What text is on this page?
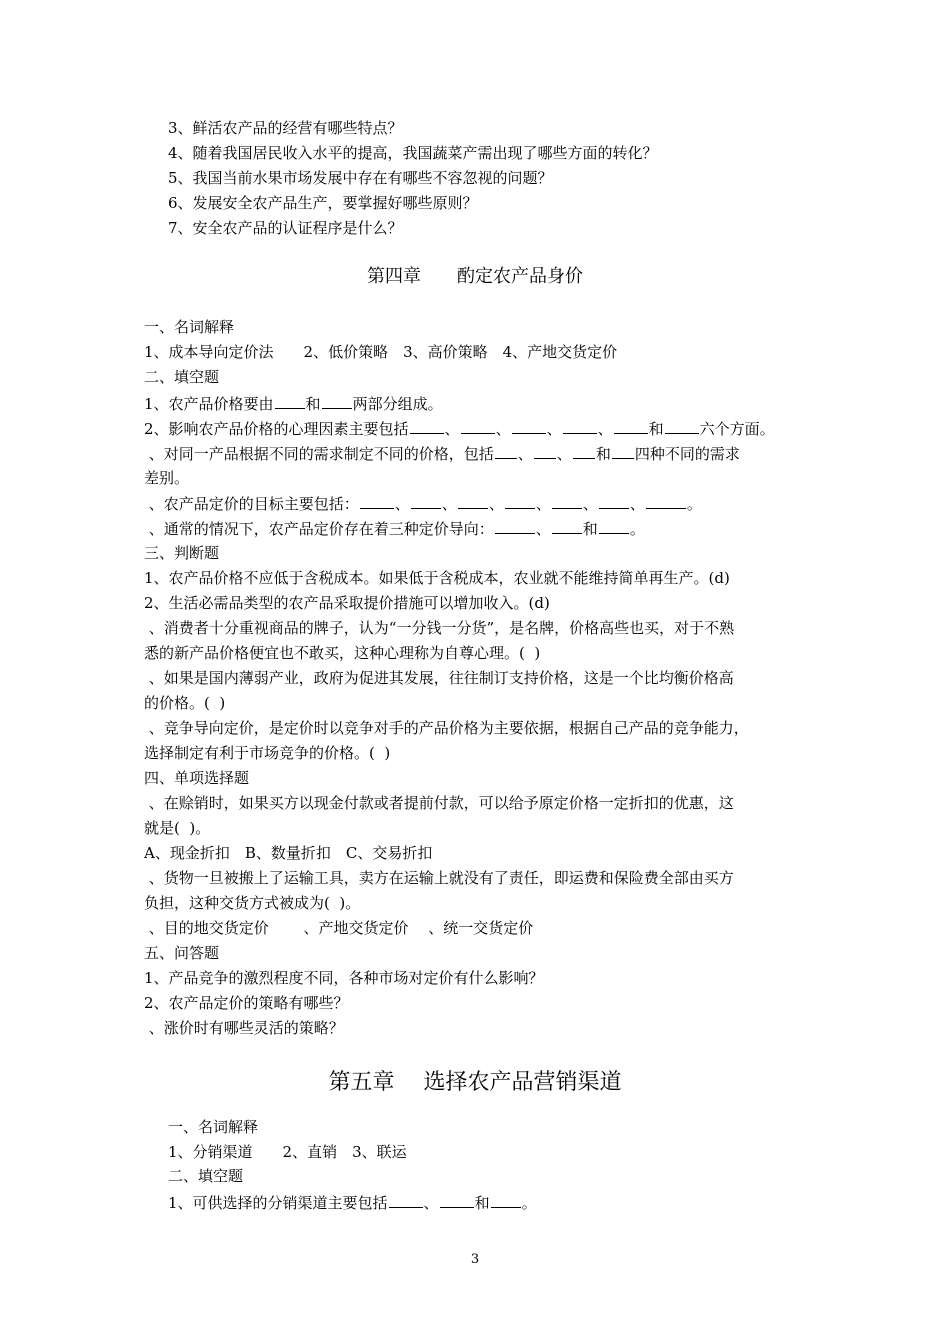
3、鲜活农产品的经营有哪些特点？
4、随着我国居民收入水平的提高，我国蔬菜产需出现了哪些方面的转化？
5、我国当前水果市场发展中存在有哪些不容忽视的问题？
6、发展安全农产品生产，要掌握好哪些原则？
7、安全农产品的认证程序是什么？
第四章　　酌定农产品身价
一、名词解释
1、成本导向定价法　　2、低价策略　3、高价策略　4、产地交货定价
二、填空题
1、农产品价格要由 和 两部分组成。
2、影响农产品价格的心理因素主要包括 、 、 、 、 和 六个方面。
、对同一产品根据不同的需求制定不同的价格，包括 、 、 和 四种不同的需求
差别。
、农产品定价的目标主要包括： 、 、 、 、 、 、	。
、通常的情况下，农产品定价存在着三种定价导向：	、 和 。
三、判断题
1、农产品价格不应低于含税成本。如果低于含税成本，农业就不能维持简单再生产。(d)
2、生活必需品类型的农产品采取提价措施可以增加收入。(d)
、消费者十分重视商品的牌子，认为“一分钱一分货”，是名牌，价格高些也买，对于不熟
悉的新产品价格便宜也不敢买，这种心理称为自尊心理。(  )
、如果是国内薄弱产业，政府为促进其发展，往往制订支持价格，这是一个比均衡价格高
的价格。(  )
、竞争导向定价，是定价时以竞争对手的产品价格为主要依据，根据自己产品的竞争能力，
选择制定有利于市场竞争的价格。(  )
四、单项选择题
、在赊销时，如果买方以现金付款或者提前付款，可以给予原定价格一定折扣的优惠，这
就是(  )。
A、现金折扣　B、数量折扣　C、交易折扣
、货物一旦被搬上了运输工具，卖方在运输上就没有了责任，即运费和保险费全部由买方
负担，这种交货方式被成为(  )。
、目的地交货定价　　 、产地交货定价　 、统一交货定价
五、问答题
1、产品竞争的激烈程度不同，各种市场对定价有什么影响？
2、农产品定价的策略有哪些？
、涨价时有哪些灵活的策略？
第五章　 选择农产品营销渠道
一、名词解释
1、分销渠道　　2、直销　3、联运
二、填空题
1、可供选择的分销渠道主要包括 、 和 。
3
